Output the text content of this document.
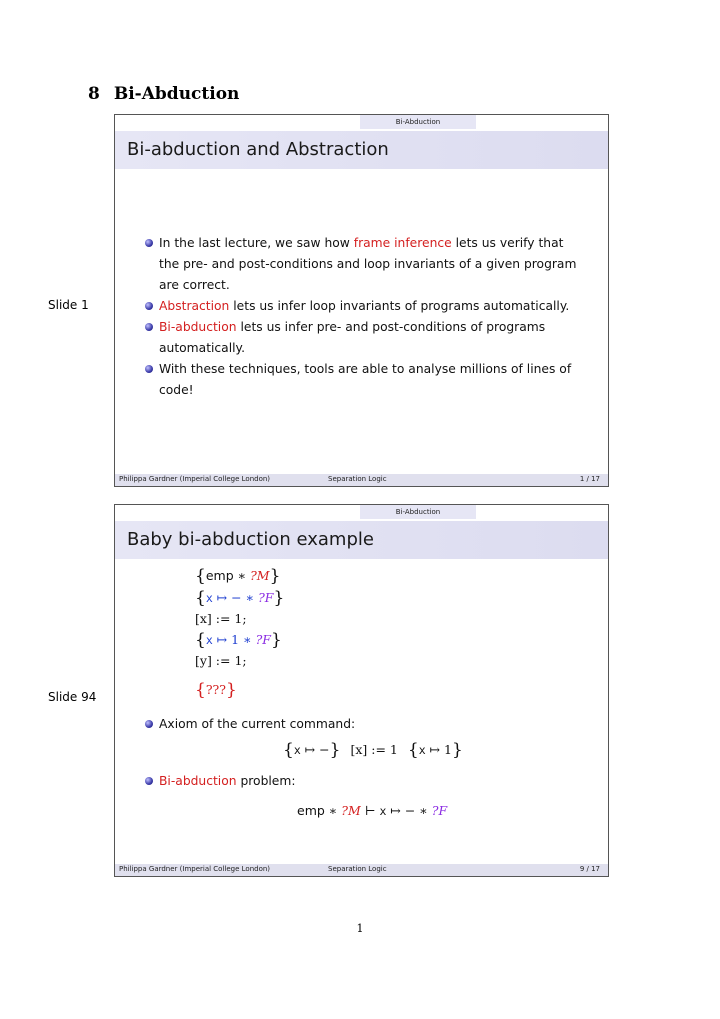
8 Bi-Abduction
Slide 1
Bi-Abduction
Bi-abduction and Abstraction
In the last lecture, we saw how frame inference lets us verify that the pre- and post-conditions and loop invariants of a given program are correct.
Abstraction lets us infer loop invariants of programs automatically.
Bi-abduction lets us infer pre- and post-conditions of programs automatically.
With these techniques, tools are able to analyse millions of lines of code!
Philippa Gardner (Imperial College London)	Separation Logic	1 / 17
Slide 94
Bi-Abduction
Baby bi-abduction example
{emp ∗ ?M}
{x ↦ − ∗ ?F}
[x] := 1;
{x ↦ 1 ∗ ?F}
[y] := 1;
{???}
Axiom of the current command:
{x ↦ −} [x] := 1 {x ↦ 1}
Bi-abduction problem:
emp ∗ ?M ⊢ x ↦ − ∗ ?F
Philippa Gardner (Imperial College London)	Separation Logic	9 / 17
1
